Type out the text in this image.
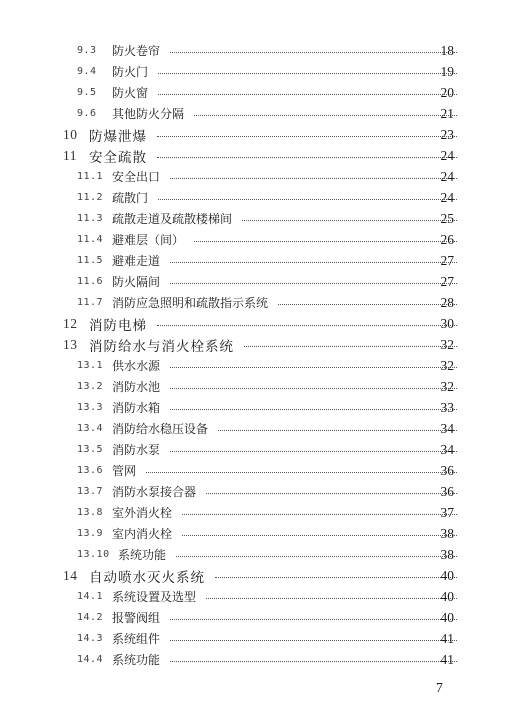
9.3	防火卷帘	18
9.4	防火门	19
9.5	防火窗	20
9.6	其他防火分隔	21
10 防爆泄爆	23
11 安全疏散	24
11.1 安全出口	24
11.2 疏散门	24
11.3 疏散走道及疏散楼梯间	25
11.4 避难层（间）	26
11.5 避难走道	27
11.6 防火隔间	27
11.7 消防应急照明和疏散指示系统	28
12 消防电梯	30
13 消防给水与消火栓系统	32
13.1 供水水源	32
13.2 消防水池	32
13.3 消防水箱	33
13.4 消防给水稳压设备	34
13.5 消防水泵	34
13.6 管网	36
13.7 消防水泵接合器	36
13.8 室外消火栓	37
13.9 室内消火栓	38
13.10 系统功能	38
14 自动喷水灭火系统	40
14.1 系统设置及选型	40
14.2 报警阀组	40
14.3 系统组件	41
14.4 系统功能	41
7
